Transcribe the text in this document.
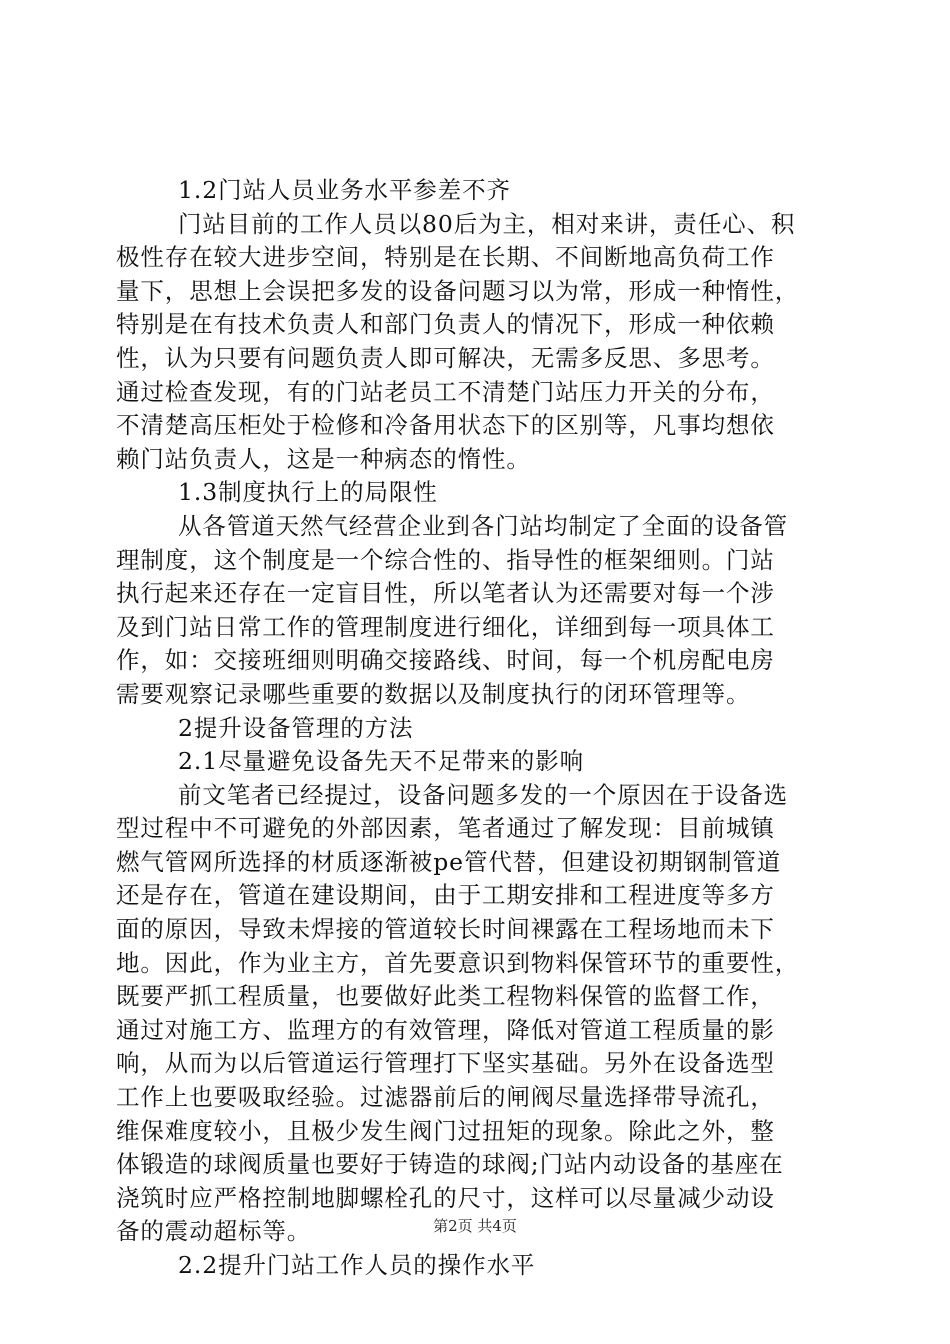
1.2门站人员业务水平参差不齐

门站目前的工作人员以80后为主，相对来讲，责任心、积

极性存在较大进步空间，特别是在长期、不间断地高负荷工作

量下，思想上会误把多发的设备问题习以为常，形成一种惰性，

特别是在有技术负责人和部门负责人的情况下，形成一种依赖

性，认为只要有问题负责人即可解决，无需多反思、多思考。

通过检查发现，有的门站老员工不清楚门站压力开关的分布，

不清楚高压柜处于检修和冷备用状态下的区别等，凡事均想依

赖门站负责人，这是一种病态的惰性。

1.3制度执行上的局限性

从各管道天然气经营企业到各门站均制定了全面的设备管

理制度，这个制度是一个综合性的、指导性的框架细则。门站

执行起来还存在一定盲目性，所以笔者认为还需要对每一个涉

及到门站日常工作的管理制度进行细化，详细到每一项具体工

作，如：交接班细则明确交接路线、时间，每一个机房配电房

需要观察记录哪些重要的数据以及制度执行的闭环管理等。

2提升设备管理的方法

2.1尽量避免设备先天不足带来的影响

前文笔者已经提过，设备问题多发的一个原因在于设备选

型过程中不可避免的外部因素，笔者通过了解发现：目前城镇

燃气管网所选择的材质逐渐被pe管代替，但建设初期钢制管道

还是存在，管道在建设期间，由于工期安排和工程进度等多方

面的原因，导致未焊接的管道较长时间裸露在工程场地而未下

地。因此，作为业主方，首先要意识到物料保管环节的重要性，

既要严抓工程质量，也要做好此类工程物料保管的监督工作，

通过对施工方、监理方的有效管理，降低对管道工程质量的影

响，从而为以后管道运行管理打下坚实基础。另外在设备选型

工作上也要吸取经验。过滤器前后的闸阀尽量选择带导流孔，

维保难度较小，且极少发生阀门过扭矩的现象。除此之外，整

体锻造的球阀质量也要好于铸造的球阀;门站内动设备的基座在

浇筑时应严格控制地脚螺栓孔的尺寸，这样可以尽量减少动设

备的震动超标等。

2.2提升门站工作人员的操作水平

第2页 共4页
